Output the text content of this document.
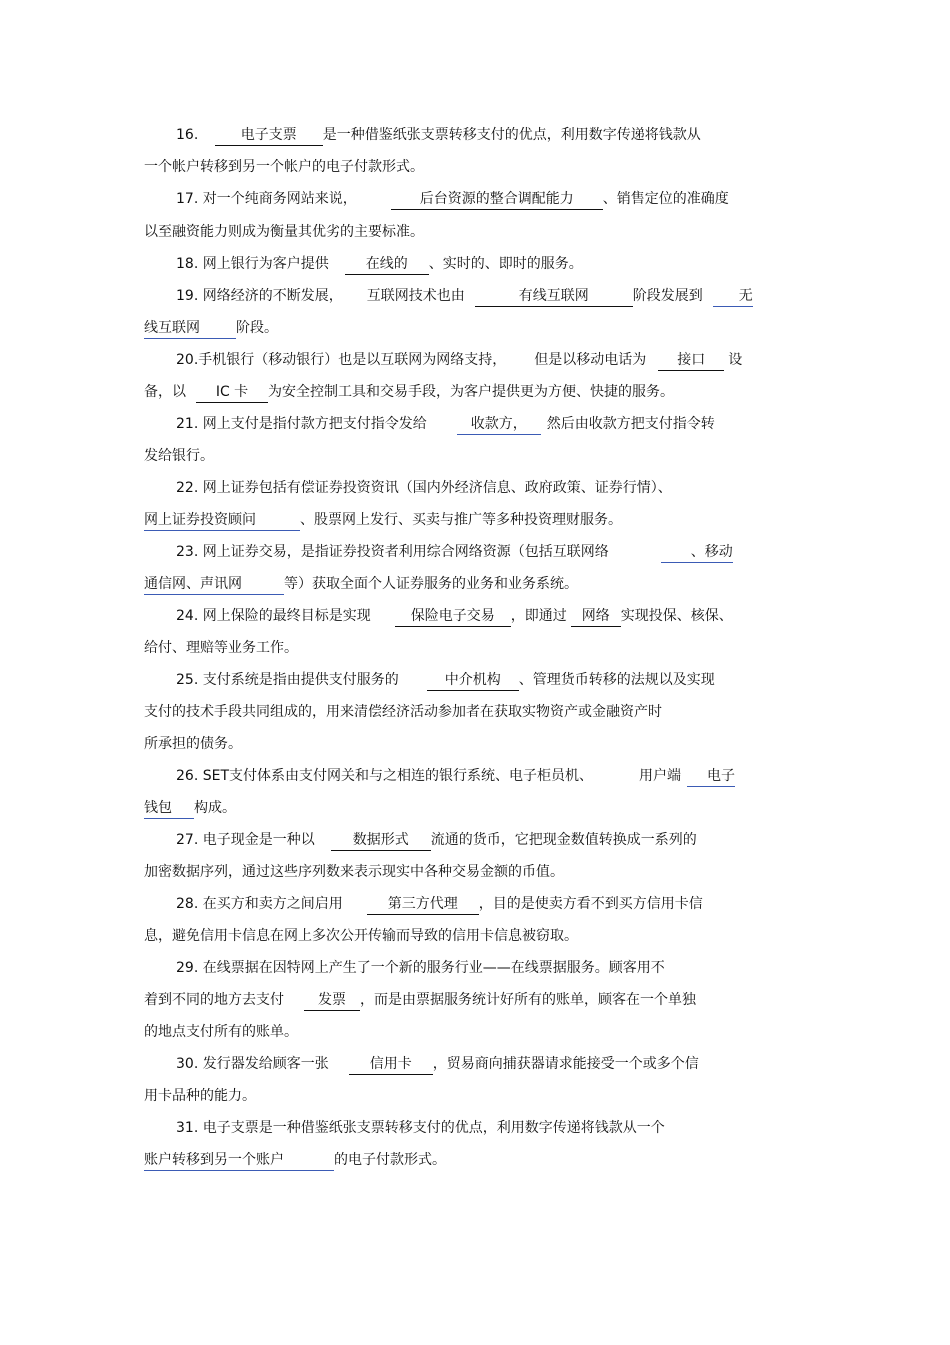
16.	电子支票 是一种借鉴纸张支票转移支付的优点，利用数字传递将钱款从
一个帐户转移到另一个帐户的电子付款形式。
17. 对一个纯商务网站来说，	后台资源的整合调配能力 、销售定位的准确度
以至融资能力则成为衡量其优劣的主要标准。
18. 网上银行为客户提供	在线的 、实时的、即时的服务。
19. 网络经济的不断发展， 互联网技术也由	有线互联网	阶段发展到	无
线互联网	阶段。
20.手机银行（移动银行）也是以互联网为网络支持， 但是以移动电话为 接口 设
备，以 IC 卡 为安全控制工具和交易手段，为客户提供更为方便、快捷的服务。
21. 网上支付是指付款方把支付指令发给	收款方， 然后由收款方把支付指令转
发给银行。
22. 网上证券包括有偿证券投资资讯（国内外经济信息、政府政策、证券行情）、
网上证券投资顾问	、股票网上发行、买卖与推广等多种投资理财服务。
23. 网上证券交易，是指证券投资者利用综合网络资源（包括互联网络	、移动
通信网、声讯网	等）获取全面个人证券服务的业务和业务系统。
24. 网上保险的最终目标是实现	保险电子交易 ，即通过 网络 实现投保、核保、
给付、理赔等业务工作。
25. 支付系统是指由提供支付服务的	中介机构 、管理货币转移的法规以及实现
支付的技术手段共同组成的，用来清偿经济活动参加者在获取实物资产或金融资产时
所承担的债务。
26. SET支付体系由支付网关和与之相连的银行系统、电子柜员机、	用户端 电子
钱包 构成。
27. 电子现金是一种以	数据形式 流通的货币，它把现金数值转换成一系列的
加密数据序列，通过这些序列数来表示现实中各种交易金额的币值。
28. 在买方和卖方之间启用	第三方代理 ，目的是使卖方看不到买方信用卡信
息，避免信用卡信息在网上多次公开传输而导致的信用卡信息被窃取。
29. 在线票据在因特网上产生了一个新的服务行业——在线票据服务。顾客用不
着到不同的地方去支付 发票 ，而是由票据服务统计好所有的账单，顾客在一个单独
的地点支付所有的账单。
30. 发行器发给顾客一张	信用卡 ，贸易商向捕获器请求能接受一个或多个信
用卡品种的能力。
31. 电子支票是一种借鉴纸张支票转移支付的优点，利用数字传递将钱款从一个
账户转移到另一个账户	的电子付款形式。
